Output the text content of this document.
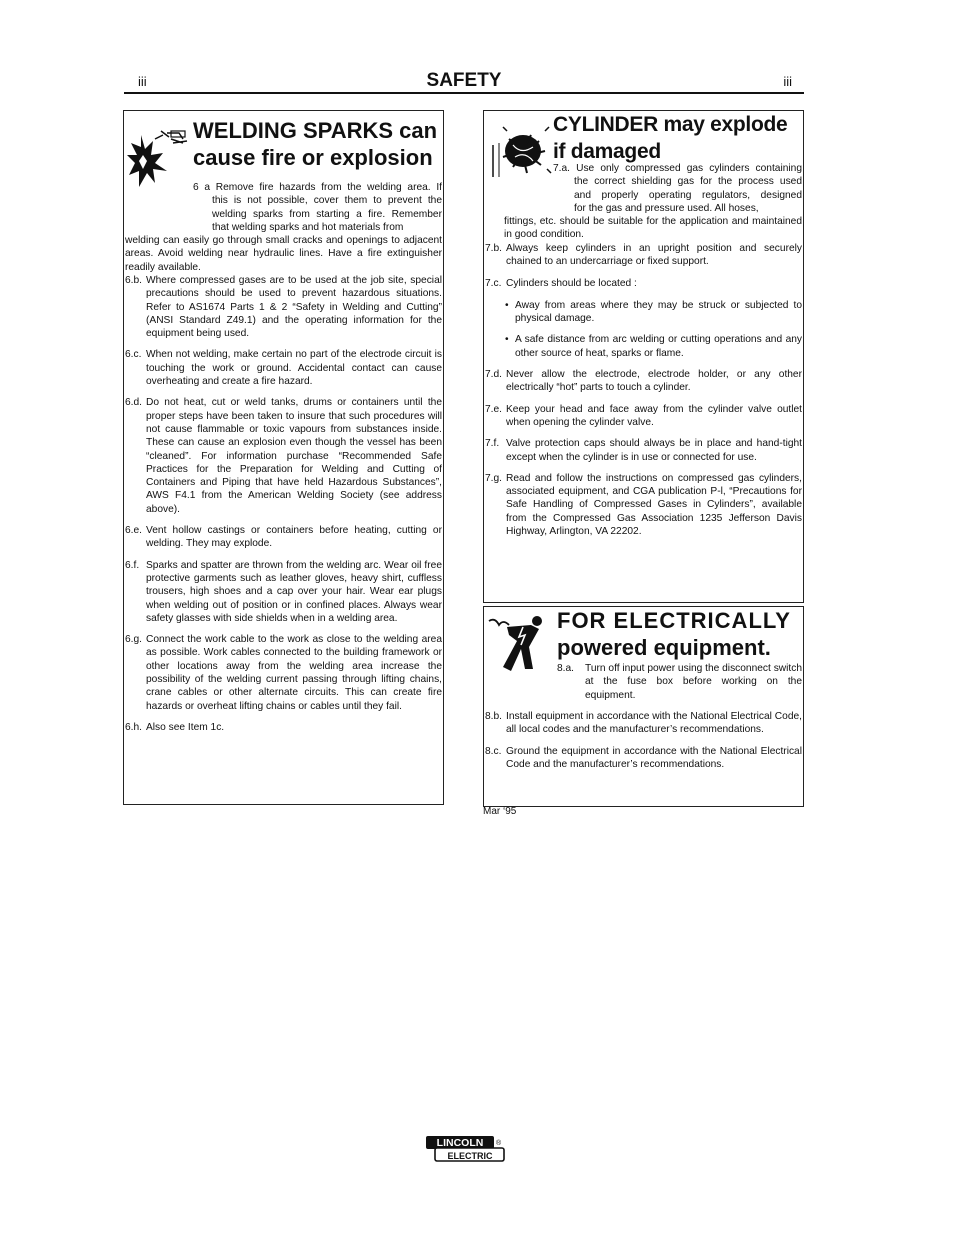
iii	SAFETY	iii
WELDING SPARKS can
cause fire or explosion
6 a Remove fire hazards from the welding area. If
this is not possible, cover them to prevent the
welding sparks from starting a fire. Remember
that welding sparks and hot materials from
welding can easily go through small cracks and openings to adjacent areas. Avoid welding near hydraulic lines. Have a fire extinguisher readily available.
6.b. Where compressed gases are to be used at the job site, special precautions should be used to prevent hazardous situations. Refer to AS1674 Parts 1 & 2 “Safety in Welding and Cutting” (ANSI Standard Z49.1) and the operating information for the equipment being used.
6.c. When not welding, make certain no part of the electrode circuit is touching the work or ground. Accidental contact can cause overheating and create a fire hazard.
6.d. Do not heat, cut or weld tanks, drums or containers until the proper steps have been taken to insure that such procedures will not cause flammable or toxic vapours from substances inside. These can cause an explosion even though the vessel has been “cleaned”. For information purchase “Recommended Safe Practices for the Preparation for Welding and Cutting of Containers and Piping that have held Hazardous Substances”, AWS F4.1 from the American Welding Society (see address above).
6.e. Vent hollow castings or containers before heating, cutting or welding. They may explode.
6.f. Sparks and spatter are thrown from the welding arc. Wear oil free protective garments such as leather gloves, heavy shirt, cuffless trousers, high shoes and a cap over your hair. Wear ear plugs when welding out of position or in confined places. Always wear safety glasses with side shields when in a welding area.
6.g. Connect the work cable to the work as close to the welding area as possible. Work cables connected to the building framework or other locations away from the welding area increase the possibility of the welding current passing through lifting chains, crane cables or other alternate circuits. This can create fire hazards or overheat lifting chains or cables until they fail.
6.h. Also see Item 1c.
CYLINDER may explode
if damaged
7.a. Use only compressed gas cylinders containing
the correct shielding gas for the process used
and properly operating regulators, designed
for the gas and pressure used. All hoses,
fittings, etc. should be suitable for the application and maintained in good condition.
7.b. Always keep cylinders in an upright position and securely chained to an undercarriage or fixed support.
7.c. Cylinders should be located :
• Away from areas where they may be struck or subjected to physical damage.
• A safe distance from arc welding or cutting operations and any other source of heat, sparks or flame.
7.d. Never allow the electrode, electrode holder, or any other electrically “hot” parts to touch a cylinder.
7.e. Keep your head and face away from the cylinder valve outlet when opening the cylinder valve.
7.f. Valve protection caps should always be in place and hand-tight except when the cylinder is in use or connected for use.
7.g. Read and follow the instructions on compressed gas cylinders, associated equipment, and CGA publication P-l, “Precautions for Safe Handling of Compressed Gases in Cylinders”, available from the Compressed Gas Association 1235 Jefferson Davis Highway, Arlington, VA 22202.
FOR ELECTRICALLY
powered equipment.
8.a.	Turn off input power using the disconnect switch at the fuse box before working on the equipment.
8.b. Install equipment in accordance with the National Electrical Code, all local codes and the manufacturer’s recommendations.
8.c. Ground the equipment in accordance with the National Electrical Code and the manufacturer’s recommendations.
Mar ‘95
LINCOLN
ELECTRIC
®
